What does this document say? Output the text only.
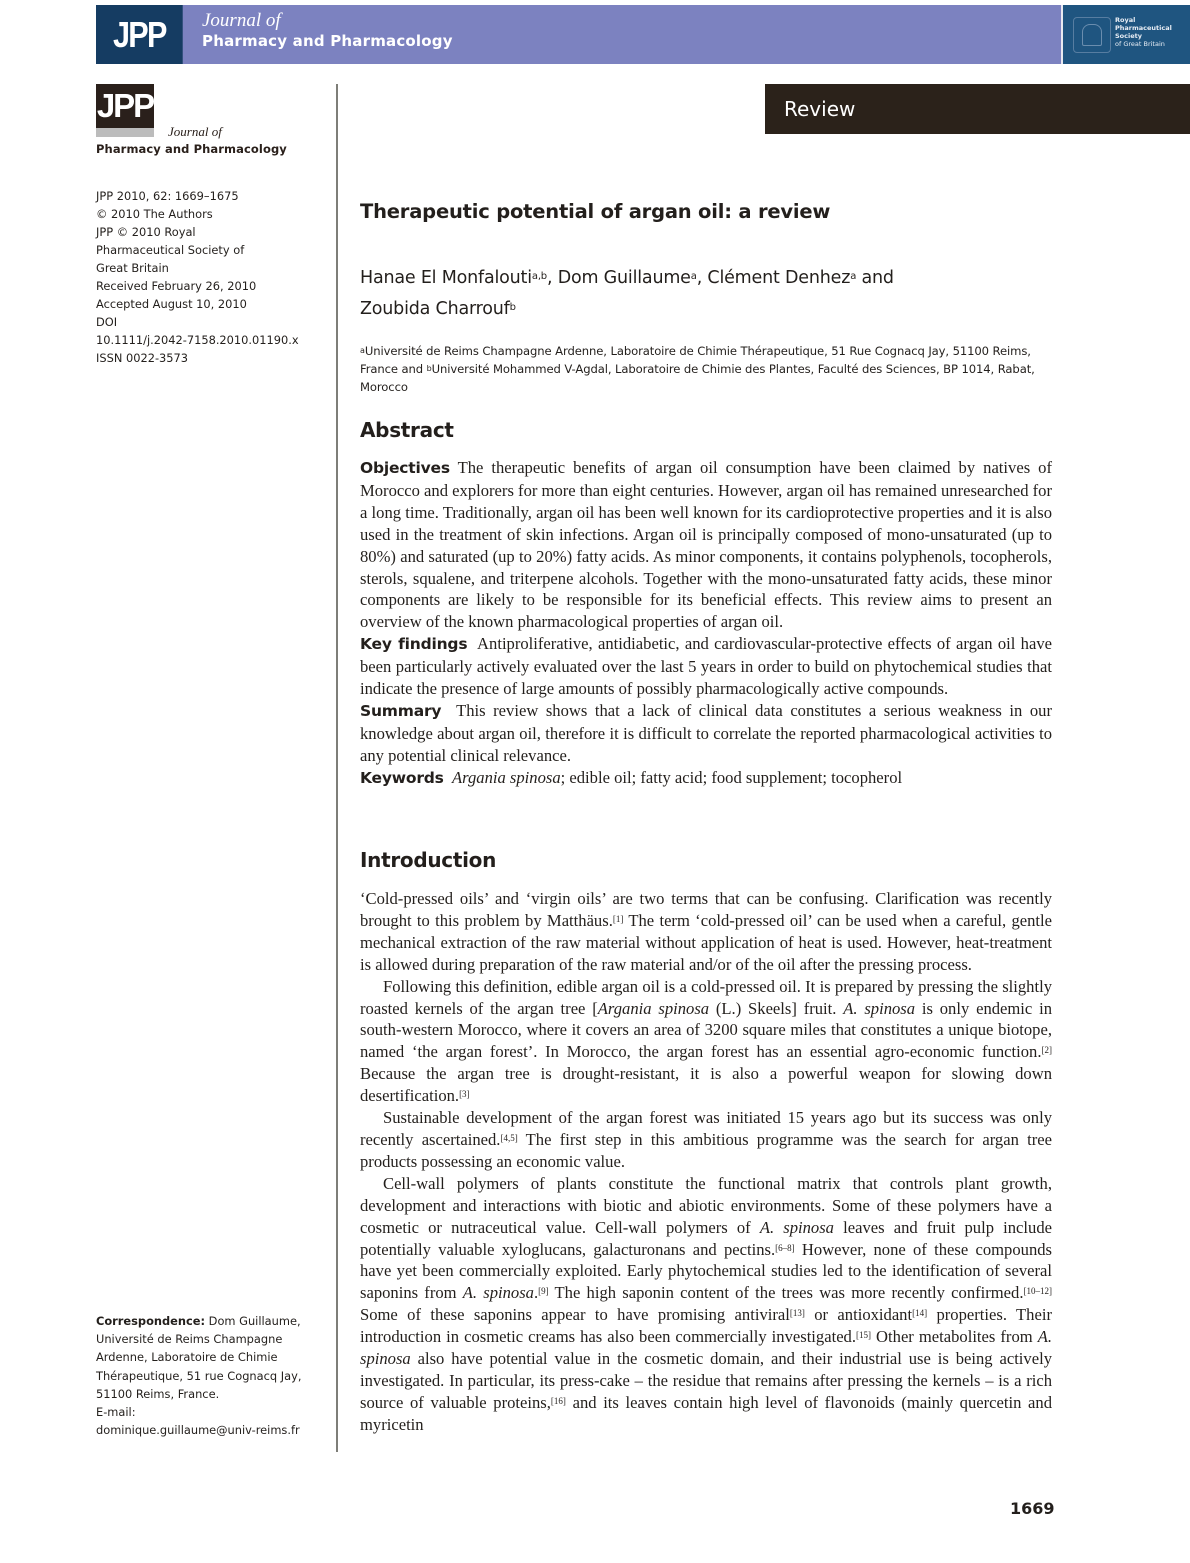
JPP	Journal of
Pharmacy and Pharmacology
Royal
Pharmaceutical
Society
of Great Britain
JPP
Journal of
Pharmacy and Pharmacology
Review
JPP 2010, 62: 1669–1675
© 2010 The Authors
JPP © 2010 Royal
Pharmaceutical Society of
Great Britain
Received February 26, 2010
Accepted August 10, 2010
DOI
10.1111/j.2042-7158.2010.01190.x
ISSN 0022-3573
Correspondence: Dom Guillaume, Université de Reims Champagne Ardenne, Laboratoire de Chimie Thérapeutique, 51 rue Cognacq Jay, 51100 Reims, France.
E-mail:
dominique.guillaume@univ-reims.fr
Therapeutic potential of argan oil: a review
Hanae El Monfalouti$^{a,b}$, Dom Guillaume$^a$, Clément Denhez$^a$ and
Zoubida Charrouf$^b$
$^a$Université de Reims Champagne Ardenne, Laboratoire de Chimie Thérapeutique, 51 Rue Cognacq Jay, 51100 Reims, France and $^b$Université Mohammed V-Agdal, Laboratoire de Chimie des Plantes, Faculté des Sciences, BP 1014, Rabat, Morocco
Abstract

Objectives The therapeutic benefits of argan oil consumption have been claimed by natives of Morocco and explorers for more than eight centuries. However, argan oil has remained unresearched for a long time. Traditionally, argan oil has been well known for its cardioprotective properties and it is also used in the treatment of skin infections. Argan oil is principally composed of mono-unsaturated (up to 80%) and saturated (up to 20%) fatty acids. As minor components, it contains polyphenols, tocopherols, sterols, squalene, and triterpene alcohols. Together with the mono-unsaturated fatty acids, these minor components are likely to be responsible for its beneficial effects. This review aims to present an overview of the known pharmacological properties of argan oil.

Key findings Antiproliferative, antidiabetic, and cardiovascular-protective effects of argan oil have been particularly actively evaluated over the last 5 years in order to build on phytochemical studies that indicate the presence of large amounts of possibly pharmacologically active compounds.

Summary This review shows that a lack of clinical data constitutes a serious weakness in our knowledge about argan oil, therefore it is difficult to correlate the reported pharmacological activities to any potential clinical relevance.

Keywords Argania spinosa; edible oil; fatty acid; food supplement; tocopherol

Introduction

‘Cold-pressed oils’ and ‘virgin oils’ are two terms that can be confusing. Clarification was recently brought to this problem by Matthäus.[1] The term ‘cold-pressed oil’ can be used when a careful, gentle mechanical extraction of the raw material without application of heat is used. However, heat-treatment is allowed during preparation of the raw material and/or of the oil after the pressing process.

Following this definition, edible argan oil is a cold-pressed oil. It is prepared by pressing the slightly roasted kernels of the argan tree [Argania spinosa (L.) Skeels] fruit. A. spinosa is only endemic in south-western Morocco, where it covers an area of 3200 square miles that constitutes a unique biotope, named ‘the argan forest’. In Morocco, the argan forest has an essential agro-economic function.[2] Because the argan tree is drought-resistant, it is also a powerful weapon for slowing down desertification.[3]

Sustainable development of the argan forest was initiated 15 years ago but its success was only recently ascertained.[4,5] The first step in this ambitious programme was the search for argan tree products possessing an economic value.

Cell-wall polymers of plants constitute the functional matrix that controls plant growth, development and interactions with biotic and abiotic environments. Some of these polymers have a cosmetic or nutraceutical value. Cell-wall polymers of A. spinosa leaves and fruit pulp include potentially valuable xyloglucans, galacturonans and pectins.[6–8] However, none of these compounds have yet been commercially exploited. Early phytochemical studies led to the identification of several saponins from A. spinosa.[9] The high saponin content of the trees was more recently confirmed.[10–12] Some of these saponins appear to have promising antiviral[13] or antioxidant[14] properties. Their introduction in cosmetic creams has also been commercially investigated.[15] Other metabolites from A. spinosa also have potential value in the cosmetic domain, and their industrial use is being actively investigated. In particular, its press-cake – the residue that remains after pressing the kernels – is a rich source of valuable proteins,[16] and its leaves contain high level of flavonoids (mainly quercetin and myricetin

1669
